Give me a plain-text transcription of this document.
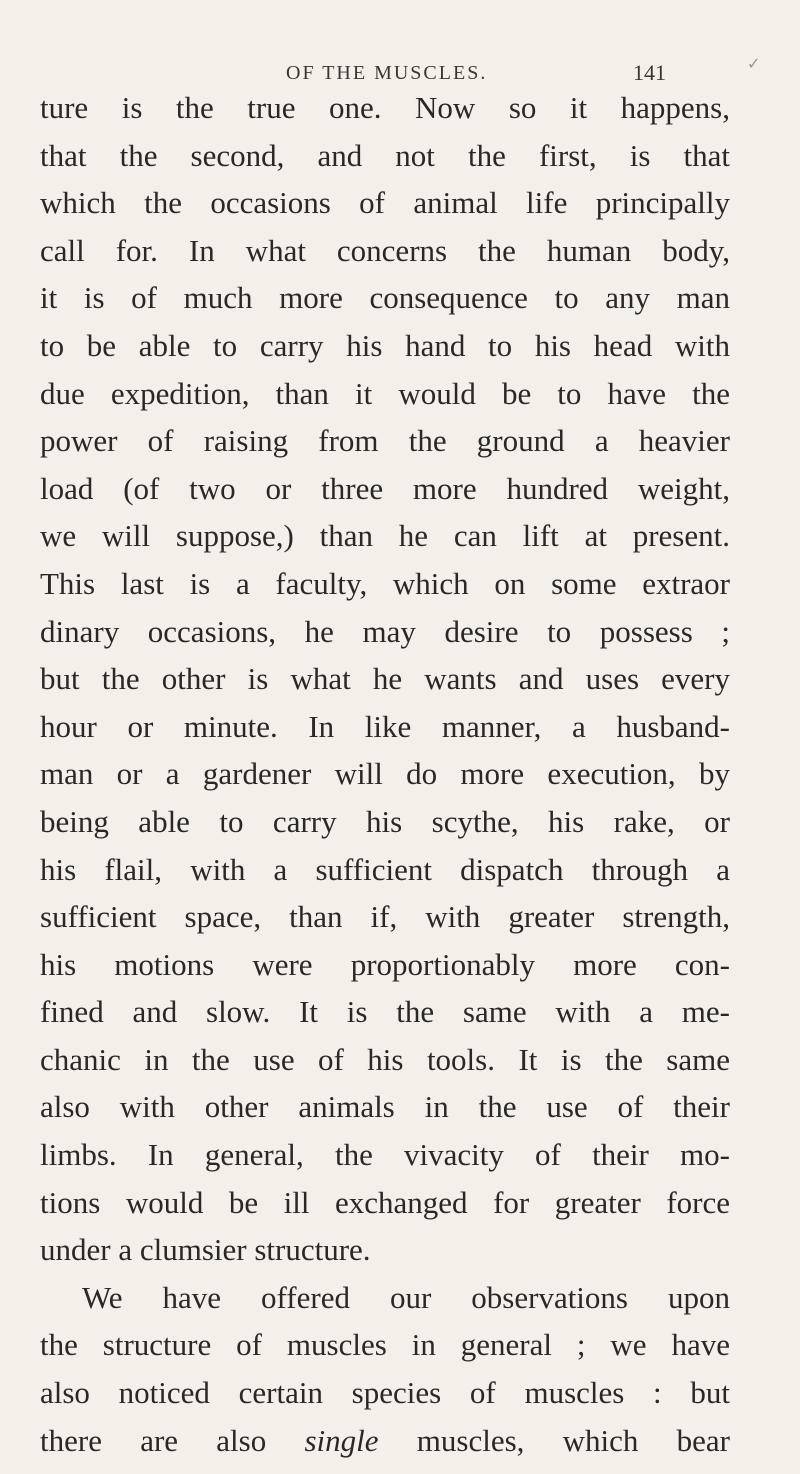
OF THE MUSCLES.	141	✓
ture is the true one. Now so it happens,
that the second, and not the first, is that
which the occasions of animal life principally
call for. In what concerns the human body,
it is of much more consequence to any man
to be able to carry his hand to his head with
due expedition, than it would be to have the
power of raising from the ground a heavier
load (of two or three more hundred weight,
we will suppose,) than he can lift at present.
This last is a faculty, which on some extraor
dinary occasions, he may desire to possess ;
but the other is what he wants and uses every
hour or minute. In like manner, a husband-
man or a gardener will do more execution, by
being able to carry his scythe, his rake, or
his flail, with a sufficient dispatch through a
sufficient space, than if, with greater strength,
his motions were proportionably more con-
fined and slow. It is the same with a me-
chanic in the use of his tools. It is the same
also with other animals in the use of their
limbs. In general, the vivacity of their mo-
tions would be ill exchanged for greater force
under a clumsier structure.
We have offered our observations upon
the structure of muscles in general ; we have
also noticed certain species of muscles : but
there are also single muscles, which bear
